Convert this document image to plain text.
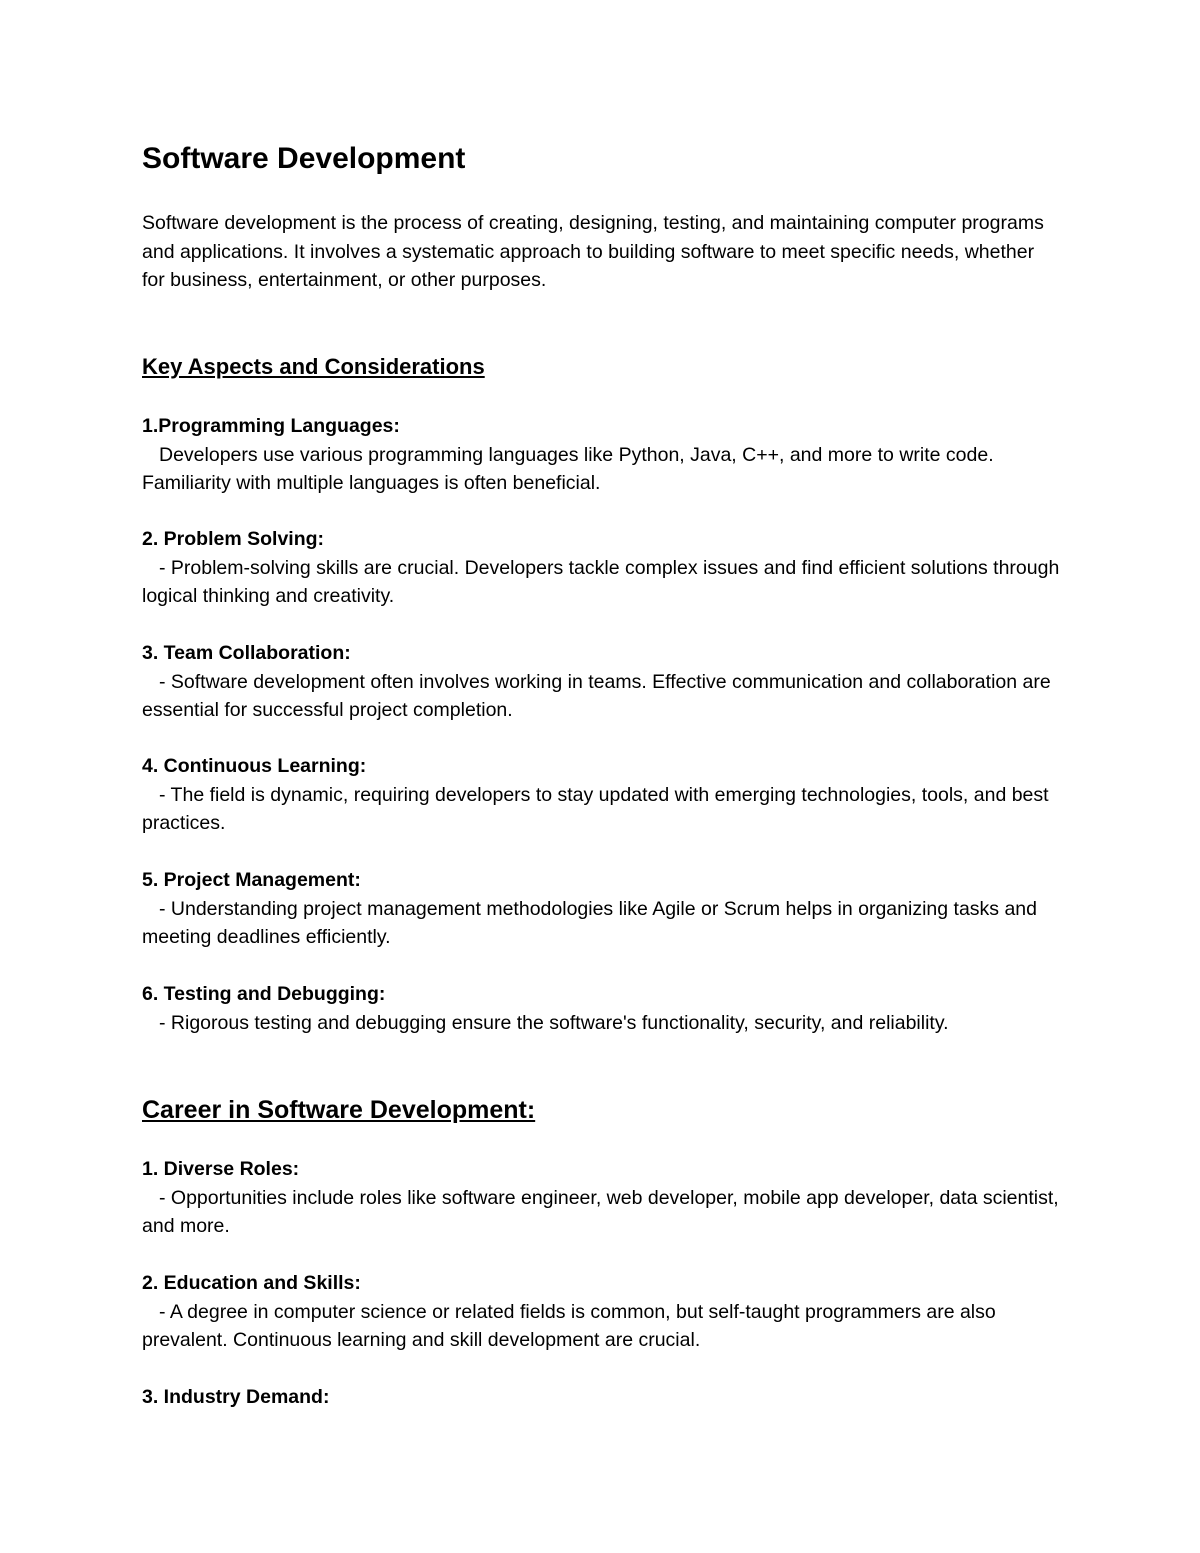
Software Development

Software development is the process of creating, designing, testing, and maintaining computer programs and applications. It involves a systematic approach to building software to meet specific needs, whether for business, entertainment, or other purposes.

Key Aspects and Considerations

1.Programming Languages:

Developers use various programming languages like Python, Java, C++, and more to write code. Familiarity with multiple languages is often beneficial.

2. Problem Solving:

- Problem-solving skills are crucial. Developers tackle complex issues and find efficient solutions through logical thinking and creativity.

3. Team Collaboration:

- Software development often involves working in teams. Effective communication and collaboration are essential for successful project completion.

4. Continuous Learning:

- The field is dynamic, requiring developers to stay updated with emerging technologies, tools, and best practices.

5. Project Management:

- Understanding project management methodologies like Agile or Scrum helps in organizing tasks and meeting deadlines efficiently.

6. Testing and Debugging:

- Rigorous testing and debugging ensure the software's functionality, security, and reliability.

Career in Software Development:

1. Diverse Roles:

- Opportunities include roles like software engineer, web developer, mobile app developer, data scientist, and more.

2. Education and Skills:

- A degree in computer science or related fields is common, but self-taught programmers are also prevalent. Continuous learning and skill development are crucial.

3. Industry Demand:
